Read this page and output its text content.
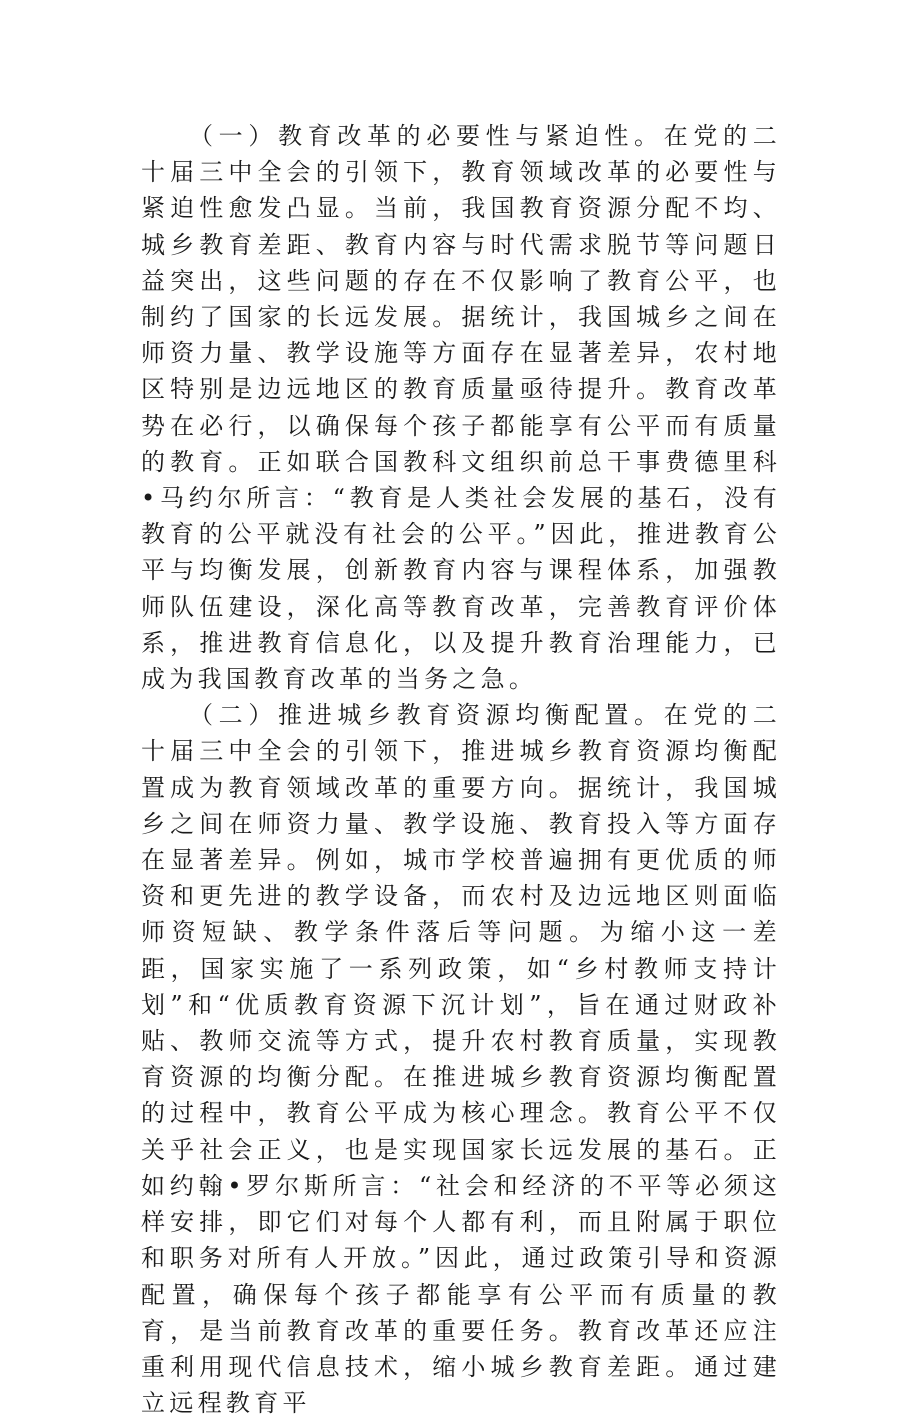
（一）教育改革的必要性与紧迫性。在党的二十届三中全会的引领下，教育领域改革的必要性与紧迫性愈发凸显。当前，我国教育资源分配不均、城乡教育差距、教育内容与时代需求脱节等问题日益突出，这些问题的存在不仅影响了教育公平，也制约了国家的长远发展。据统计，我国城乡之间在师资力量、教学设施等方面存在显著差异，农村地区特别是边远地区的教育质量亟待提升。教育改革势在必行，以确保每个孩子都能享有公平而有质量的教育。正如联合国教科文组织前总干事费德里科•马约尔所言：“教育是人类社会发展的基石，没有教育的公平就没有社会的公平。”因此，推进教育公平与均衡发展，创新教育内容与课程体系，加强教师队伍建设，深化高等教育改革，完善教育评价体系，推进教育信息化，以及提升教育治理能力，已成为我国教育改革的当务之急。

（二）推进城乡教育资源均衡配置。在党的二十届三中全会的引领下，推进城乡教育资源均衡配置成为教育领域改革的重要方向。据统计，我国城乡之间在师资力量、教学设施、教育投入等方面存在显著差异。例如，城市学校普遍拥有更优质的师资和更先进的教学设备，而农村及边远地区则面临师资短缺、教学条件落后等问题。为缩小这一差距，国家实施了一系列政策，如“乡村教师支持计划”和“优质教育资源下沉计划”，旨在通过财政补贴、教师交流等方式，提升农村教育质量，实现教育资源的均衡分配。在推进城乡教育资源均衡配置的过程中，教育公平成为核心理念。教育公平不仅关乎社会正义，也是实现国家长远发展的基石。正如约翰•罗尔斯所言：“社会和经济的不平等必须这样安排，即它们对每个人都有利，而且附属于职位和职务对所有人开放。”因此，通过政策引导和资源配置，确保每个孩子都能享有公平而有质量的教育，是当前教育改革的重要任务。教育改革还应注重利用现代信息技术，缩小城乡教育差距。通过建立远程教育平
